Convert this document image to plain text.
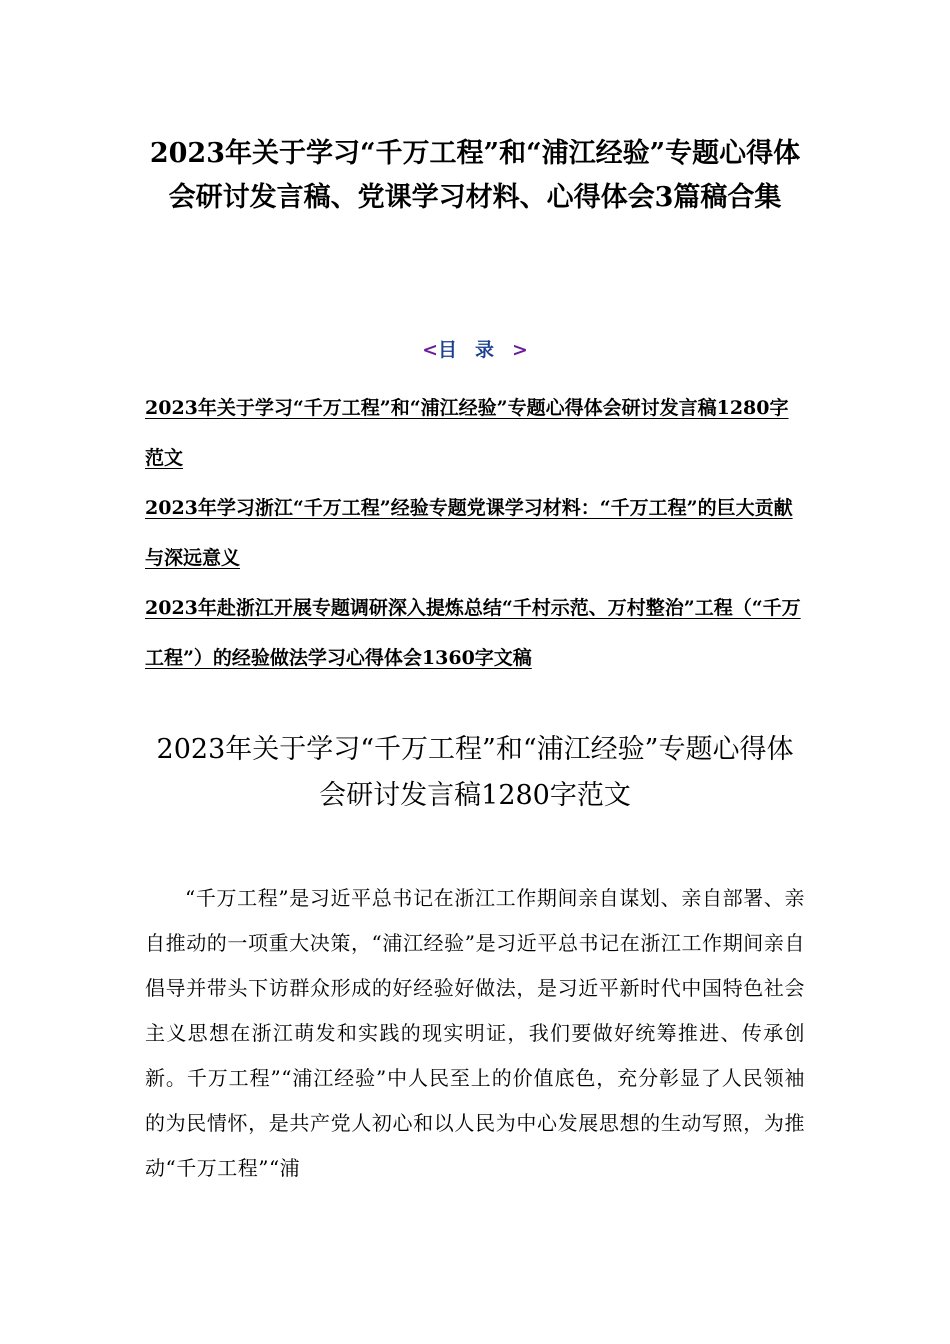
2023年关于学习“千万工程”和“浦江经验”专题心得体会研讨发言稿、党课学习材料、心得体会3篇稿合集
<目录>
2023年关于学习“千万工程”和“浦江经验”专题心得体会研讨发言稿1280字范文
2023年学习浙江“千万工程”经验专题党课学习材料：“千万工程”的巨大贡献与深远意义
2023年赴浙江开展专题调研深入提炼总结“千村示范、万村整治”工程（“千万工程”）的经验做法学习心得体会1360字文稿
2023年关于学习“千万工程”和“浦江经验”专题心得体会研讨发言稿1280字范文

“千万工程”是习近平总书记在浙江工作期间亲自谋划、亲自部署、亲自推动的一项重大决策，“浦江经验”是习近平总书记在浙江工作期间亲自倡导并带头下访群众形成的好经验好做法，是习近平新时代中国特色社会主义思想在浙江萌发和实践的现实明证，我们要做好统筹推进、传承创新。千万工程”“浦江经验”中人民至上的价值底色，充分彰显了人民领袖的为民情怀，是共产党人初心和以人民为中心发展思想的生动写照，为推动“千万工程”“浦
